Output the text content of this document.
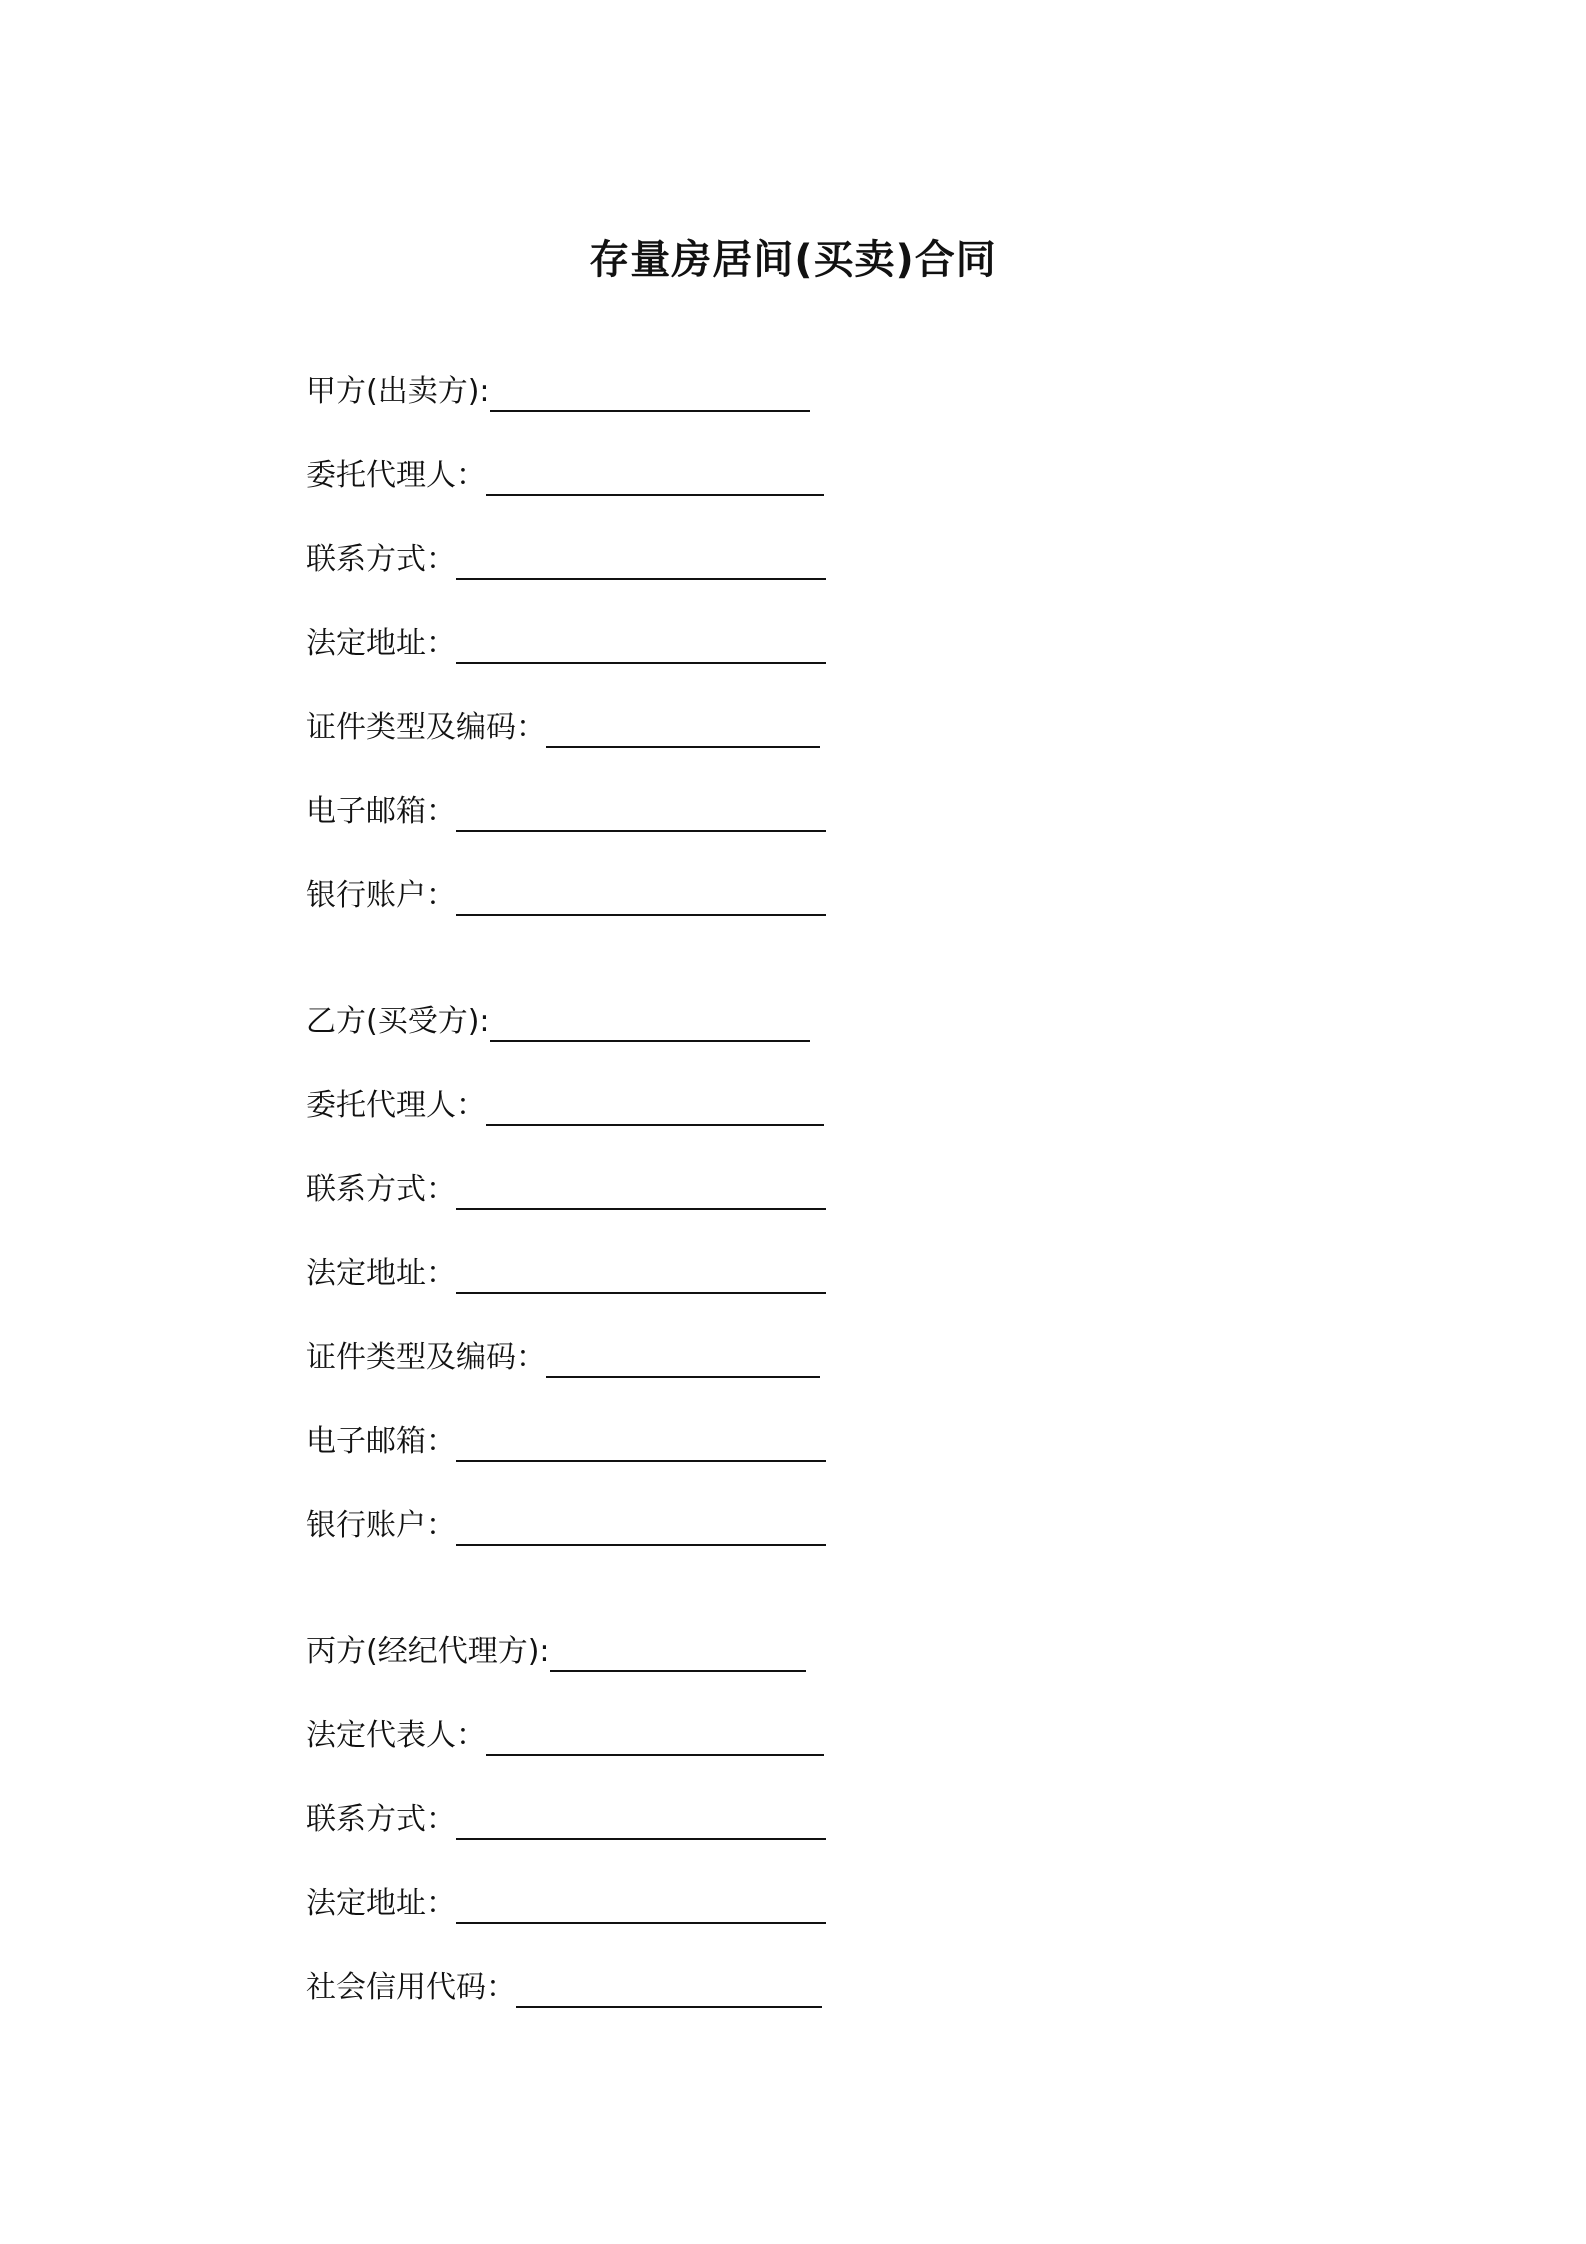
存量房居间(买卖)合同
甲方(出卖方):
委托代理人：
联系方式：
法定地址：
证件类型及编码：
电子邮箱：
银行账户：
乙方(买受方):
委托代理人：
联系方式：
法定地址：
证件类型及编码：
电子邮箱：
银行账户：
丙方(经纪代理方):
法定代表人：
联系方式：
法定地址：
社会信用代码：
